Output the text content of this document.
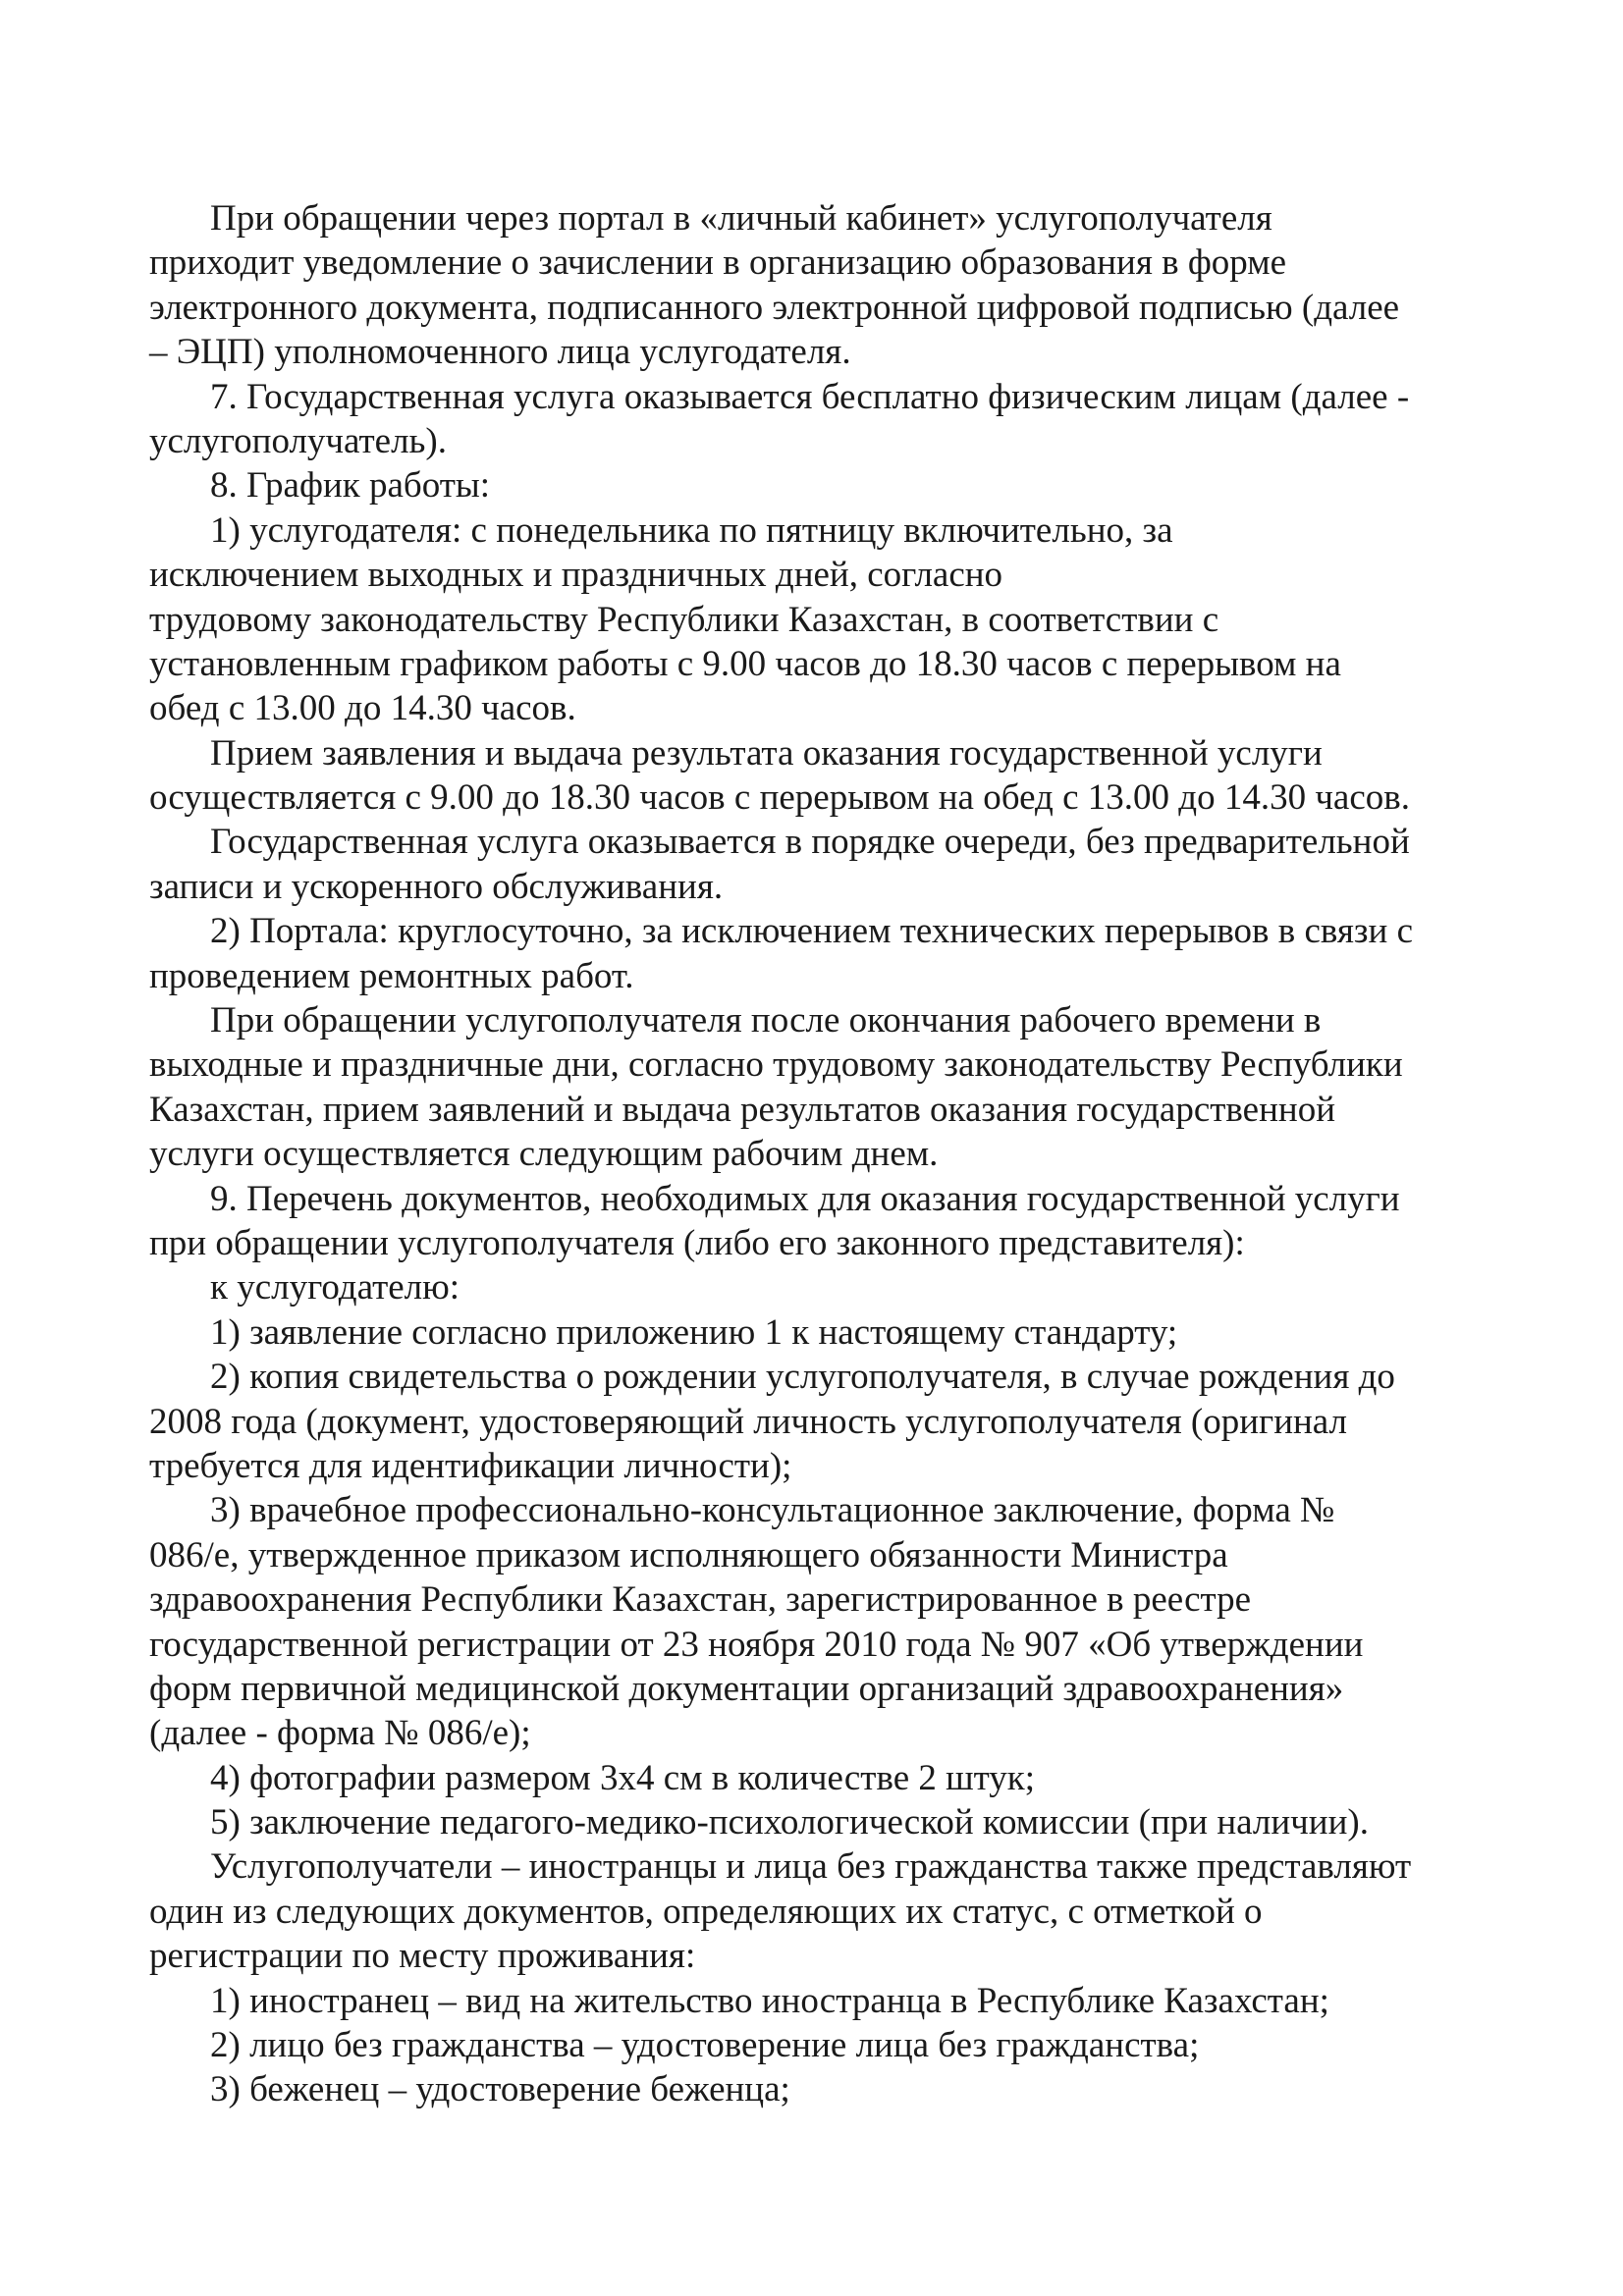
При обращении через портал в «личный кабинет» услугополучателя
приходит уведомление о зачислении в организацию образования в форме
электронного документа, подписанного электронной цифровой подписью (далее
– ЭЦП) уполномоченного лица услугодателя.
7. Государственная услуга оказывается бесплатно физическим лицам (далее -
услугополучатель).
8. График работы:
1) услугодателя: с понедельника по пятницу включительно, за
исключением выходных и праздничных дней, согласно
трудовому законодательству Республики Казахстан, в соответствии с
установленным графиком работы с 9.00 часов до 18.30 часов с перерывом на
обед с 13.00 до 14.30 часов.
Прием заявления и выдача результата оказания государственной услуги
осуществляется с 9.00 до 18.30 часов с перерывом на обед с 13.00 до 14.30 часов.
Государственная услуга оказывается в порядке очереди, без предварительной
записи и ускоренного обслуживания.
2) Портала: круглосуточно, за исключением технических перерывов в связи с
проведением ремонтных работ.
При обращении услугополучателя после окончания рабочего времени в
выходные и праздничные дни, согласно трудовому законодательству Республики
Казахстан, прием заявлений и выдача результатов оказания государственной
услуги осуществляется следующим рабочим днем.
9. Перечень документов, необходимых для оказания государственной услуги
при обращении услугополучателя (либо его законного представителя):
к услугодателю:
1) заявление согласно приложению 1 к настоящему стандарту;
2) копия свидетельства о рождении услугополучателя, в случае рождения до
2008 года (документ, удостоверяющий личность услугополучателя (оригинал
требуется для идентификации личности);
3) врачебное профессионально-консультационное заключение, форма №
086/е, утвержденное приказом исполняющего обязанности Министра
здравоохранения Республики Казахстан, зарегистрированное в реестре
государственной регистрации от 23 ноября 2010 года № 907 «Об утверждении
форм первичной медицинской документации организаций здравоохранения»
(далее - форма № 086/е);
4) фотографии размером 3х4 см в количестве 2 штук;
5) заключение педагого-медико-психологической комиссии (при наличии).
Услугополучатели – иностранцы и лица без гражданства также представляют
один из следующих документов, определяющих их статус, с отметкой о
регистрации по месту проживания:
1) иностранец – вид на жительство иностранца в Республике Казахстан;
2) лицо без гражданства – удостоверение лица без гражданства;
3) беженец – удостоверение беженца;
